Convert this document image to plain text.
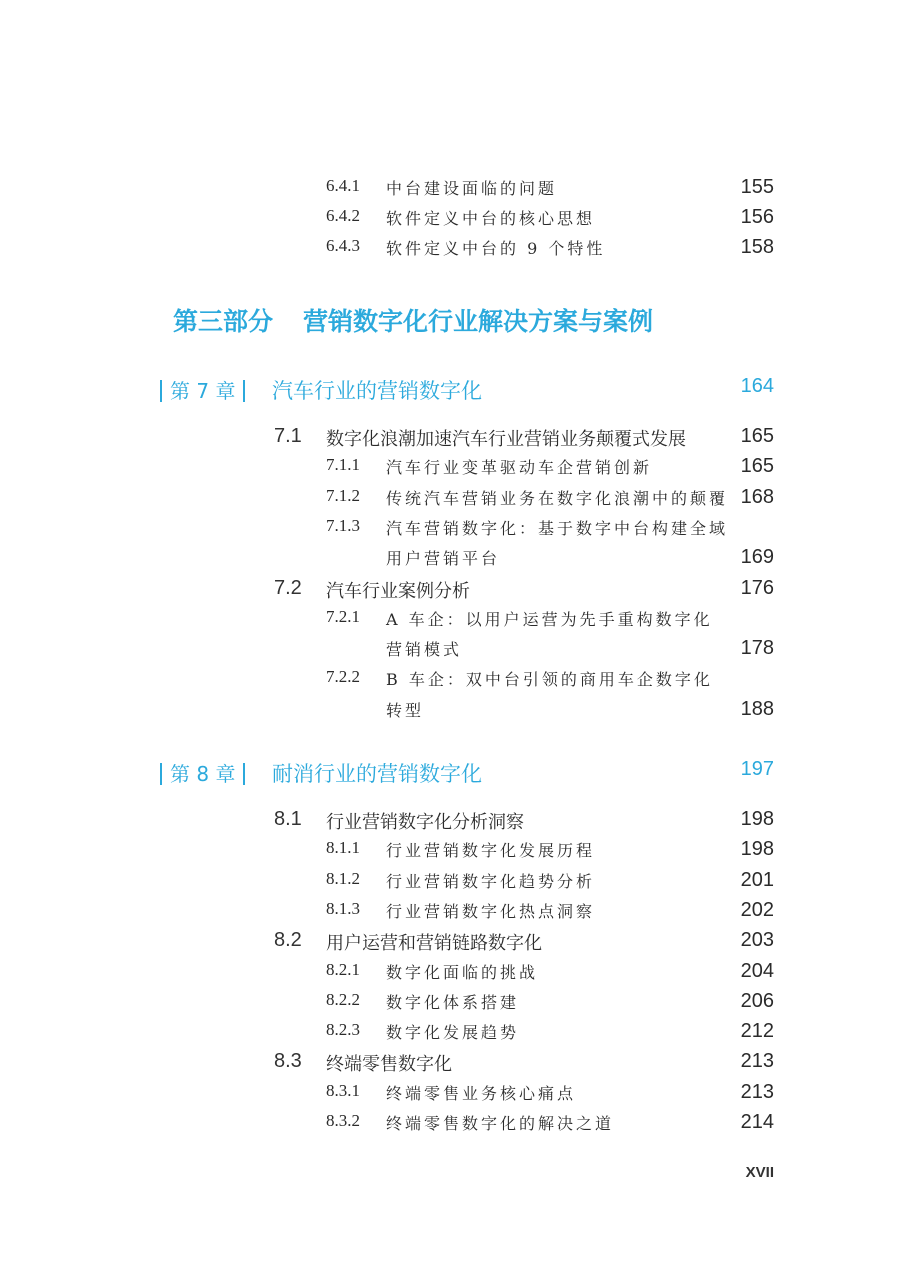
6.4.1 中台建设面临的问题	155
6.4.2 软件定义中台的核心思想	156
6.4.3 软件定义中台的 9 个特性	158
第三部分 营销数字化行业解决方案与案例
第 7 章	汽车行业的营销数字化	164
7.1 数字化浪潮加速汽车行业营销业务颠覆式发展	165
7.1.1 汽车行业变革驱动车企营销创新	165
7.1.2 传统汽车营销业务在数字化浪潮中的颠覆 168
7.1.3 汽车营销数字化：基于数字中台构建全域
用户营销平台	169
7.2 汽车行业案例分析	176
7.2.1 A 车企：以用户运营为先手重构数字化
营销模式	178
7.2.2 B 车企：双中台引领的商用车企数字化
转型	188
第 8 章	耐消行业的营销数字化	197
8.1 行业营销数字化分析洞察	198
8.1.1 行业营销数字化发展历程	198
8.1.2 行业营销数字化趋势分析	201
8.1.3 行业营销数字化热点洞察	202
8.2 用户运营和营销链路数字化	203
8.2.1 数字化面临的挑战	204
8.2.2 数字化体系搭建	206
8.2.3 数字化发展趋势	212
8.3 终端零售数字化	213
8.3.1 终端零售业务核心痛点	213
8.3.2 终端零售数字化的解决之道	214
XVII
